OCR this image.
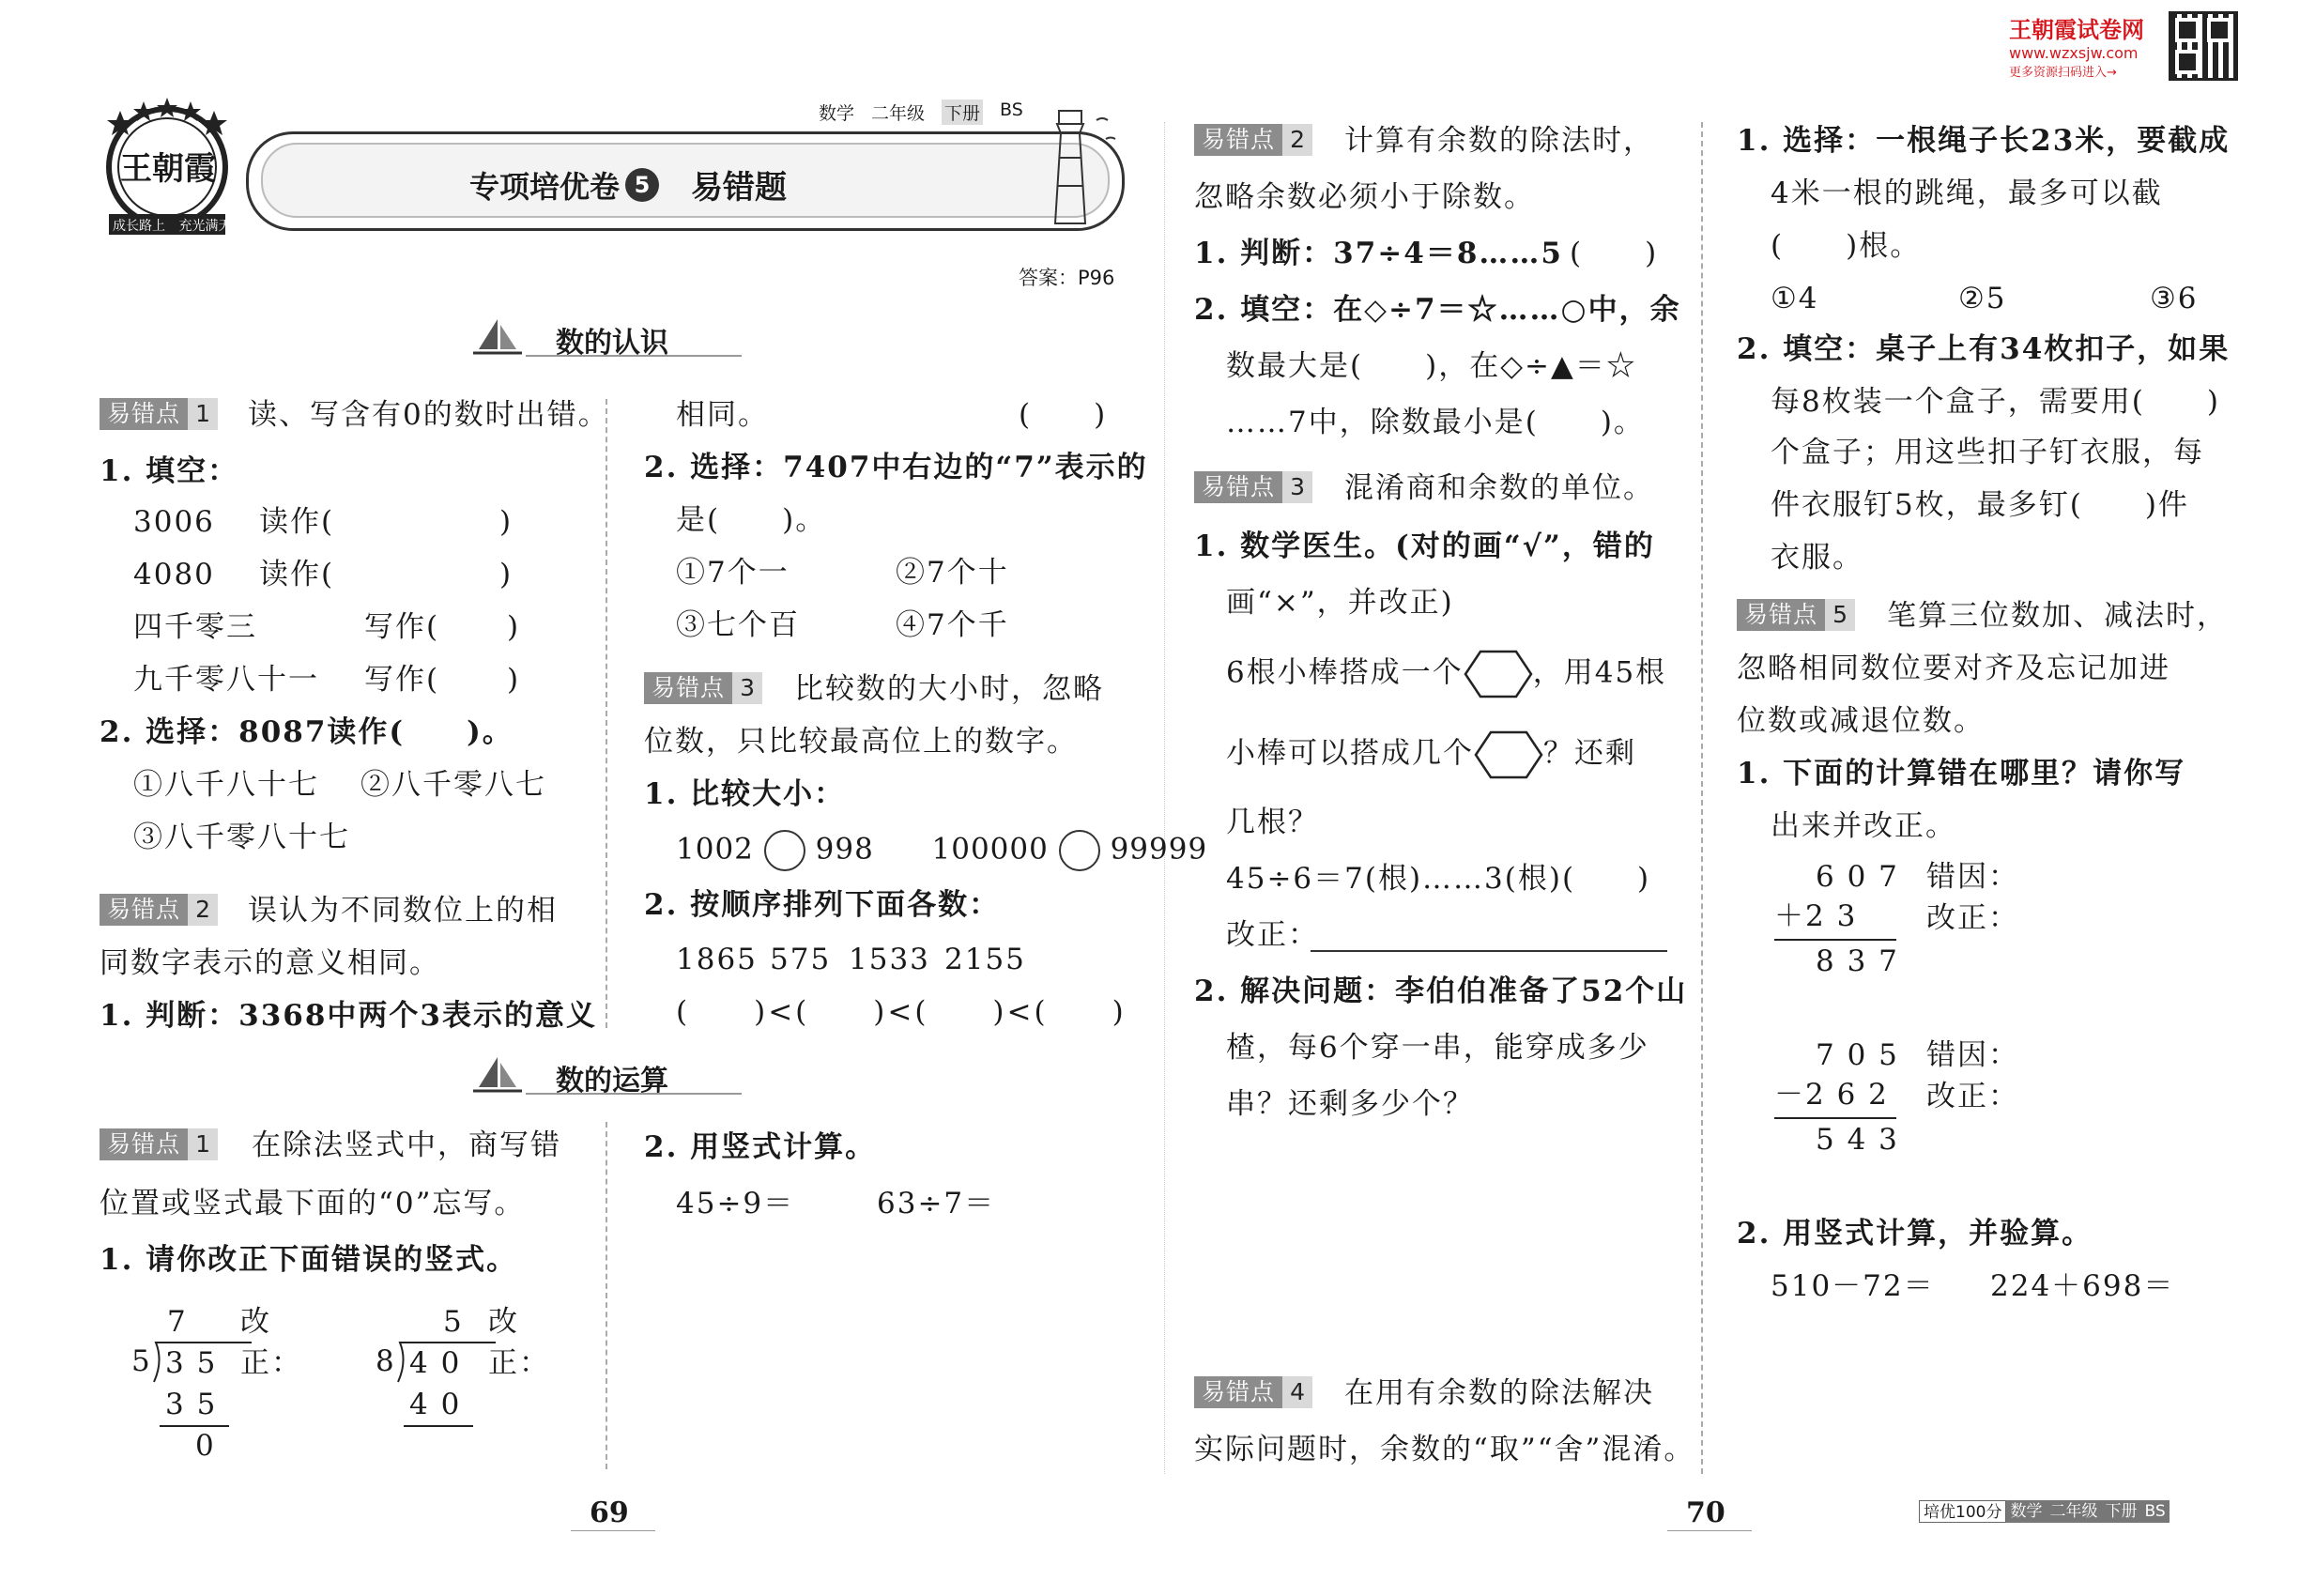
王朝霞
成长路上 充光满天
数学 二年级 下册 BS
专项培优卷 5 易错题
答案：P96
数的认识
数的运算
易错点 1 读、写含有0的数时出错。
1. 填空：
3006 读作(	)
4080 读作(	)
四千零三	写作( )
九千零八十一 写作( )
2. 选择：8087读作(　　)。
①八千八十七 ②八千零八七
③八千零八十七
易错点 2 误认为不同数位上的相
同数字表示的意义相同。
1. 判断：3368中两个3表示的意义
相同。	(　　)
2. 选择：7407中右边的“7”表示的
是(　　)。
①7个一	②7个十
③七个百	④7个千
易错点 3 比较数的大小时，忽略
位数，只比较最高位上的数字。
1. 比较大小：
1002 998 100000 99999
2. 按顺序排列下面各数：
1865 575 1533 2155
(　　)<(　　)<(　　)<(　　)
易错点 1 在除法竖式中，商写错
位置或竖式最下面的“0”忘写。
1. 请你改正下面错误的竖式。
7
5 3 5
3 5
0
改
正：
5
8 4 0
4 0
改
正：
2. 用竖式计算。
45÷9＝	63÷7＝
易错点 2 计算有余数的除法时，
忽略余数必须小于除数。
1. 判断：37÷4＝8……5 (　　)
2. 填空：在◇÷7＝☆……○中，余
数最大是(　　)，在◇÷▲＝☆
……7中，除数最小是(　　)。
易错点 3 混淆商和余数的单位。
1. 数学医生。(对的画“√”，错的
画“×”，并改正)
6根小棒搭成一个 ，用45根
小棒可以搭成几个 ？还剩
几根？
45÷6＝7(根)……3(根)(　　)
改正：
2. 解决问题：李伯伯准备了52个山
楂，每6个穿一串，能穿成多少
串？还剩多少个？
易错点 4 在用有余数的除法解决
实际问题时，余数的“取”“舍”混淆。
王朝霞试卷网
www.wzxsjw.com
更多资源扫码进入→
1. 选择：一根绳子长23米，要截成
4米一根的跳绳，最多可以截
(　　)根。
①4	②5	③6
2. 填空：桌子上有34枚扣子，如果
每8枚装一个盒子，需要用(　　)
个盒子；用这些扣子钉衣服，每
件衣服钉5枚，最多钉(　　)件
衣服。
易错点 5 笔算三位数加、减法时，
忽略相同数位要对齐及忘记加进
位数或减退位数。
1. 下面的计算错在哪里？请你写
出来并改正。
6 0 7
＋2 3
8 3 7
错因：
改正：
7 0 5
－2 6 2
5 4 3
错因：
改正：
2. 用竖式计算，并验算。
510－72＝ 224＋698＝
69	70	培优100分 数学 二年级 下册 BS
